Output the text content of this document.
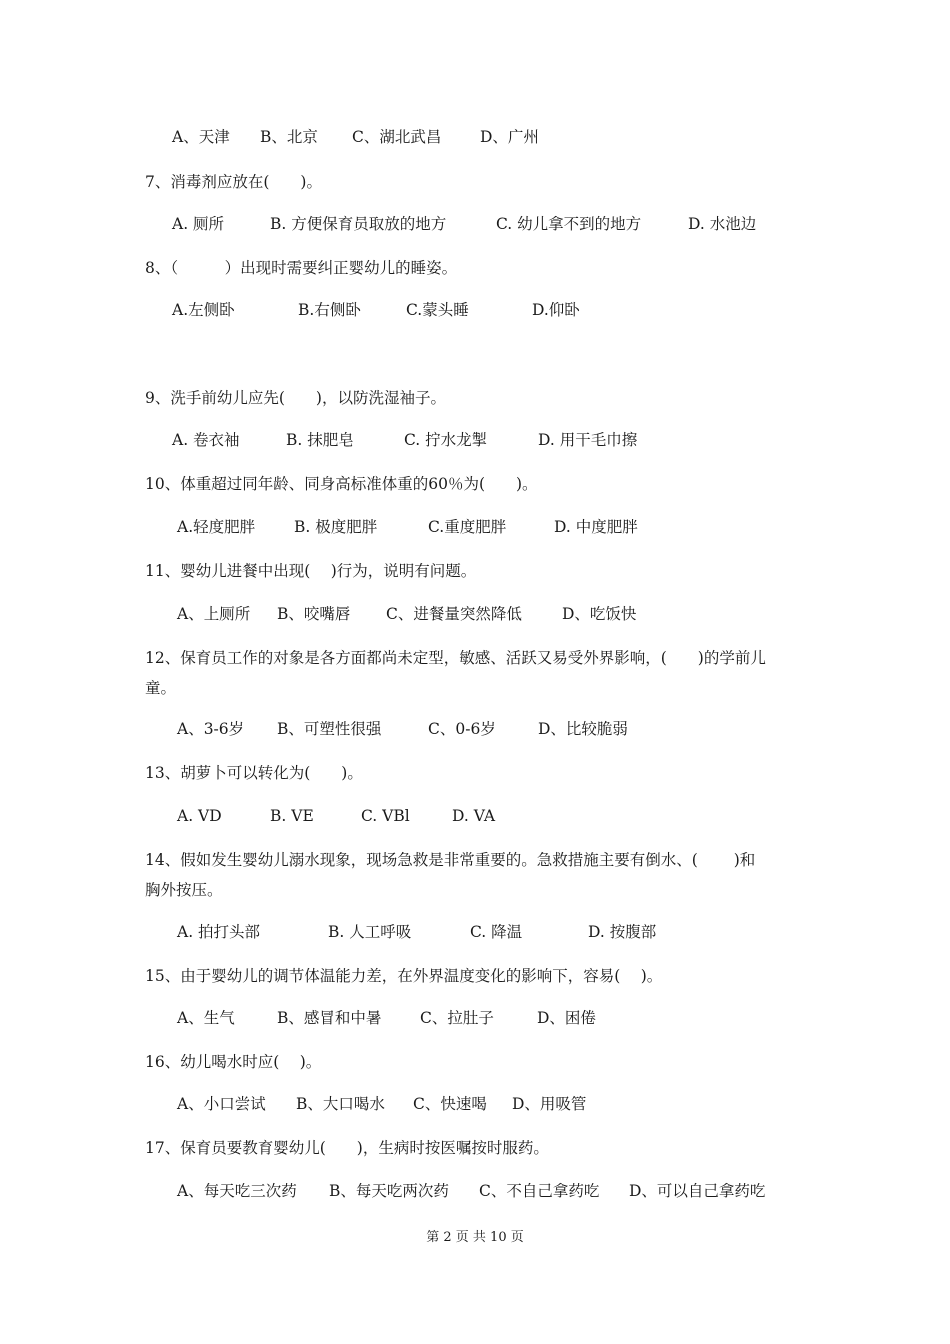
A、天津 B、北京 C、湖北武昌 D、广州
7、消毒剂应放在(　　)。
A. 厕所	B. 方便保育员取放的地方	C. 幼儿拿不到的地方	D. 水池边
8、（　　　）出现时需要纠正婴幼儿的睡姿。
A.左侧卧	B.右侧卧	C.蒙头睡	D.仰卧
9、洗手前幼儿应先(　　)，以防洗湿袖子。
A. 卷衣袖	B. 抹肥皂	C. 拧水龙掣	D. 用干毛巾擦
10、体重超过同年龄、同身高标准体重的60％为(　　)。
A.轻度肥胖	B. 极度肥胖	C.重度肥胖	D. 中度肥胖
11、婴幼儿进餐中出现(　 )行为，说明有问题。
A、上厕所 B、咬嘴唇 C、进餐量突然降低	D、吃饭快
12、保育员工作的对象是各方面都尚未定型，敏感、活跃又易受外界影响，(　　)的学前儿
童。
A、3-6岁 B、可塑性很强	C、0-6岁	D、比较脆弱
13、胡萝卜可以转化为(　　)。
A. VD	B. VE	C. VBl	D. VA
14、假如发生婴幼儿溺水现象，现场急救是非常重要的。急救措施主要有倒水、(　　 )和
胸外按压。
A. 拍打头部	B. 人工呼吸	C. 降温	D. 按腹部
15、由于婴幼儿的调节体温能力差，在外界温度变化的影响下，容易(　 )。
A、生气	B、感冒和中暑 C、拉肚子	D、困倦
16、幼儿喝水时应(　 )。
A、小口尝试 B、大口喝水 C、快速喝 D、用吸管
17、保育员要教育婴幼儿(　　)，生病时按医嘱按时服药。
A、每天吃三次药 B、每天吃两次药 C、不自己拿药吃 D、可以自己拿药吃
第 2 页 共 10 页
